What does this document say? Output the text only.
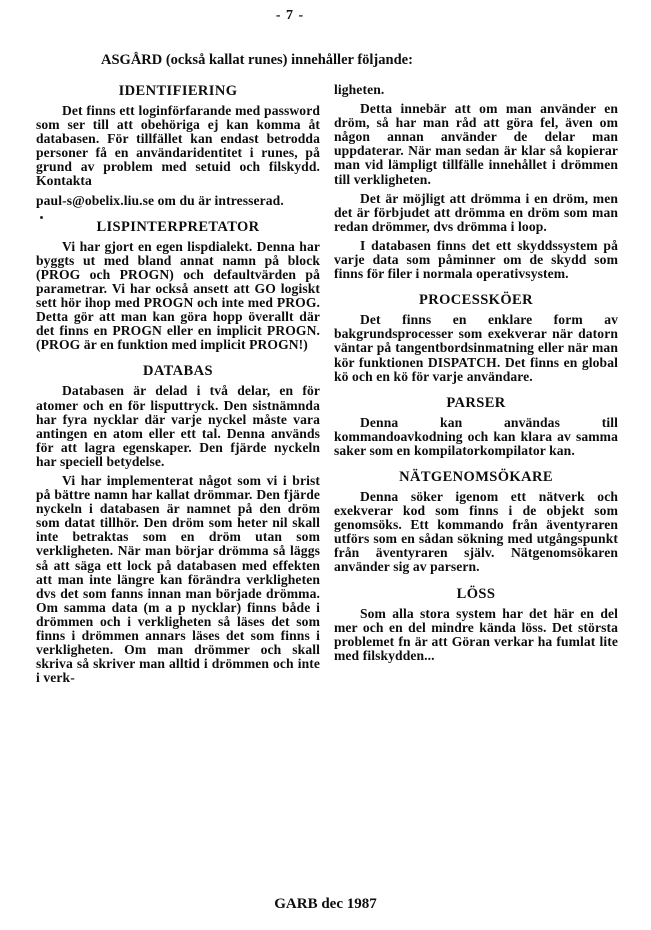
- 7 -
ASGÅRD (också kallat runes) innehåller följande:
IDENTIFIERING

Det finns ett loginförfarande med password som ser till att obehöriga ej kan komma åt databasen. För tillfället kan endast betrodda personer få en användaridentitet i runes, på grund av problem med setuid och filskydd. Kontakta

paul-s@obelix.liu.se om du är intresserad.

LISPINTERPRETATOR

Vi har gjort en egen lispdialekt. Denna har byggts ut med bland annat namn på block (PROG och PROGN) och defaultvärden på parametrar. Vi har också ansett att GO logiskt sett hör ihop med PROGN och inte med PROG. Detta gör att man kan göra hopp överallt där det finns en PROGN eller en implicit PROGN. (PROG är en funktion med implicit PROGN!)

DATABAS

Databasen är delad i två delar, en för atomer och en för lisputtryck. Den sistnämnda har fyra nycklar där varje nyckel måste vara antingen en atom eller ett tal. Denna används för att lagra egenskaper. Den fjärde nyckeln har speciell betydelse.

Vi har implementerat något som vi i brist på bättre namn har kallat drömmar. Den fjärde nyckeln i databasen är namnet på den dröm som datat tillhör. Den dröm som heter nil skall inte betraktas som en dröm utan som verkligheten. När man börjar drömma så läggs så att säga ett lock på databasen med effekten att man inte längre kan förändra verkligheten dvs det som fanns innan man började drömma. Om samma data (m a p nycklar) finns både i drömmen och i verkligheten så läses det som finns i drömmen annars läses det som finns i verkligheten. Om man drömmer och skall skriva så skriver man alltid i drömmen och inte i verk-

ligheten.

Detta innebär att om man använder en dröm, så har man råd att göra fel, även om någon annan använder de delar man uppdaterar. När man sedan är klar så kopierar man vid lämpligt tillfälle innehållet i drömmen till verkligheten.

Det är möjligt att drömma i en dröm, men det är förbjudet att drömma en dröm som man redan drömmer, dvs drömma i loop.

I databasen finns det ett skyddssystem på varje data som påminner om de skydd som finns för filer i normala operativsystem.

PROCESSKÖER

Det finns en enklare form av bakgrundsprocesser som exekverar när datorn väntar på tangentbordsinmatning eller när man kör funktionen DISPATCH. Det finns en global kö och en kö för varje användare.

PARSER

Denna kan användas till kommandoavkodning och kan klara av samma saker som en kompilatorkompilator kan.

NÄTGENOMSÖKARE

Denna söker igenom ett nätverk och exekverar kod som finns i de objekt som genomsöks. Ett kommando från äventyraren utförs som en sådan sökning med utgångspunkt från äventyraren själv. Nätgenomsökaren använder sig av parsern.

LÖSS

Som alla stora system har det här en del mer och en del mindre kända löss. Det största problemet fn är att Göran verkar ha fumlat lite med filskydden...

GARB dec 1987
